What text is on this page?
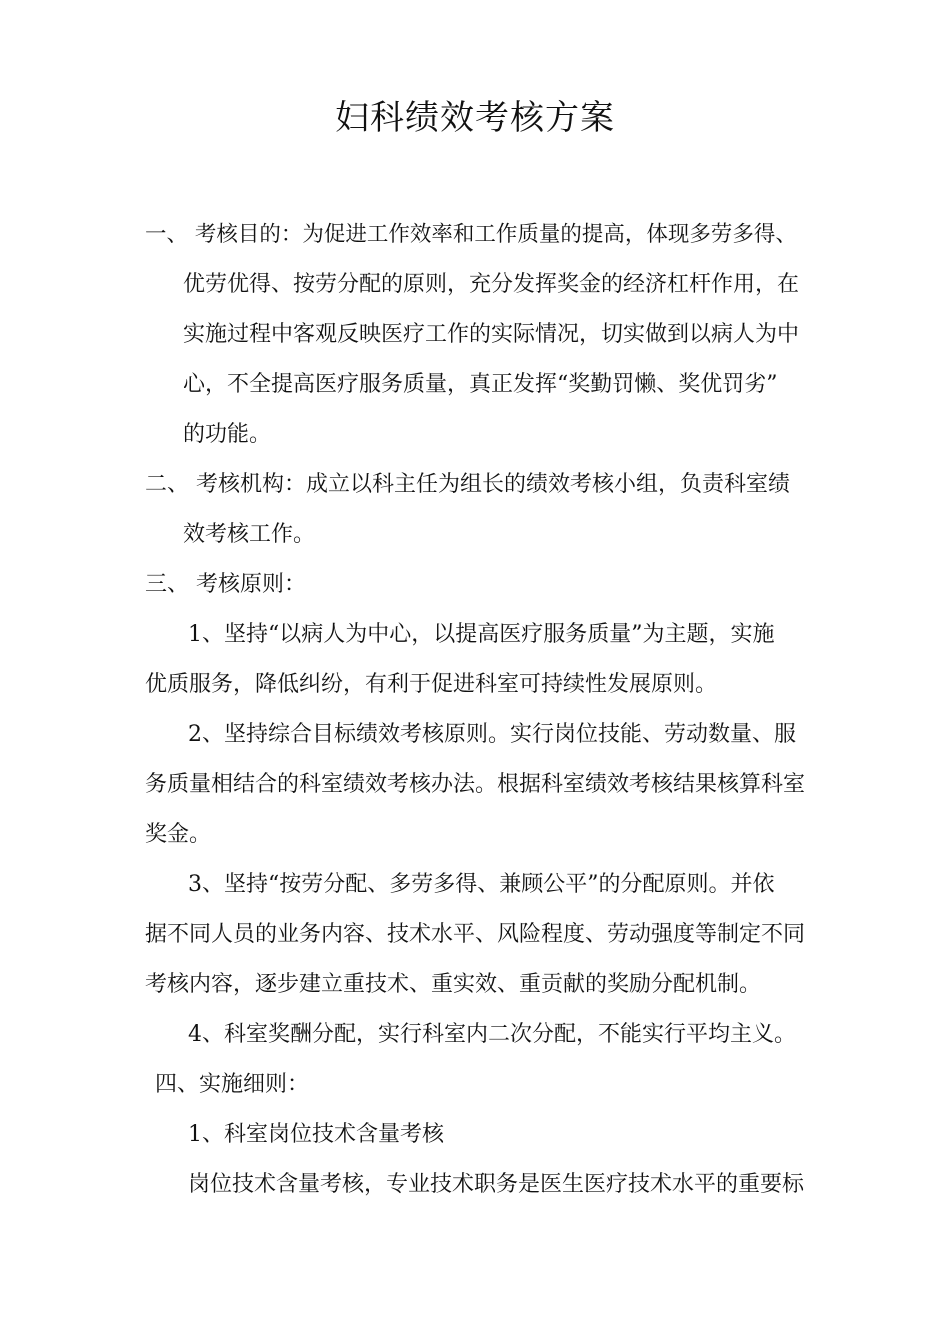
妇科绩效考核方案
一、 考核目的：为促进工作效率和工作质量的提高，体现多劳多得、
优劳优得、按劳分配的原则，充分发挥奖金的经济杠杆作用，在
实施过程中客观反映医疗工作的实际情况，切实做到以病人为中
心，不全提高医疗服务质量，真正发挥“奖勤罚懒、奖优罚劣”
的功能。
二、 考核机构：成立以科主任为组长的绩效考核小组，负责科室绩
效考核工作。
三、 考核原则：
1、坚持“以病人为中心，以提高医疗服务质量”为主题，实施
优质服务，降低纠纷，有利于促进科室可持续性发展原则。
2、坚持综合目标绩效考核原则。实行岗位技能、劳动数量、服
务质量相结合的科室绩效考核办法。根据科室绩效考核结果核算科室
奖金。
3、坚持“按劳分配、多劳多得、兼顾公平”的分配原则。并依
据不同人员的业务内容、技术水平、风险程度、劳动强度等制定不同
考核内容，逐步建立重技术、重实效、重贡献的奖励分配机制。
4、科室奖酬分配，实行科室内二次分配，不能实行平均主义。
四、实施细则：
1、科室岗位技术含量考核
岗位技术含量考核，专业技术职务是医生医疗技术水平的重要标
